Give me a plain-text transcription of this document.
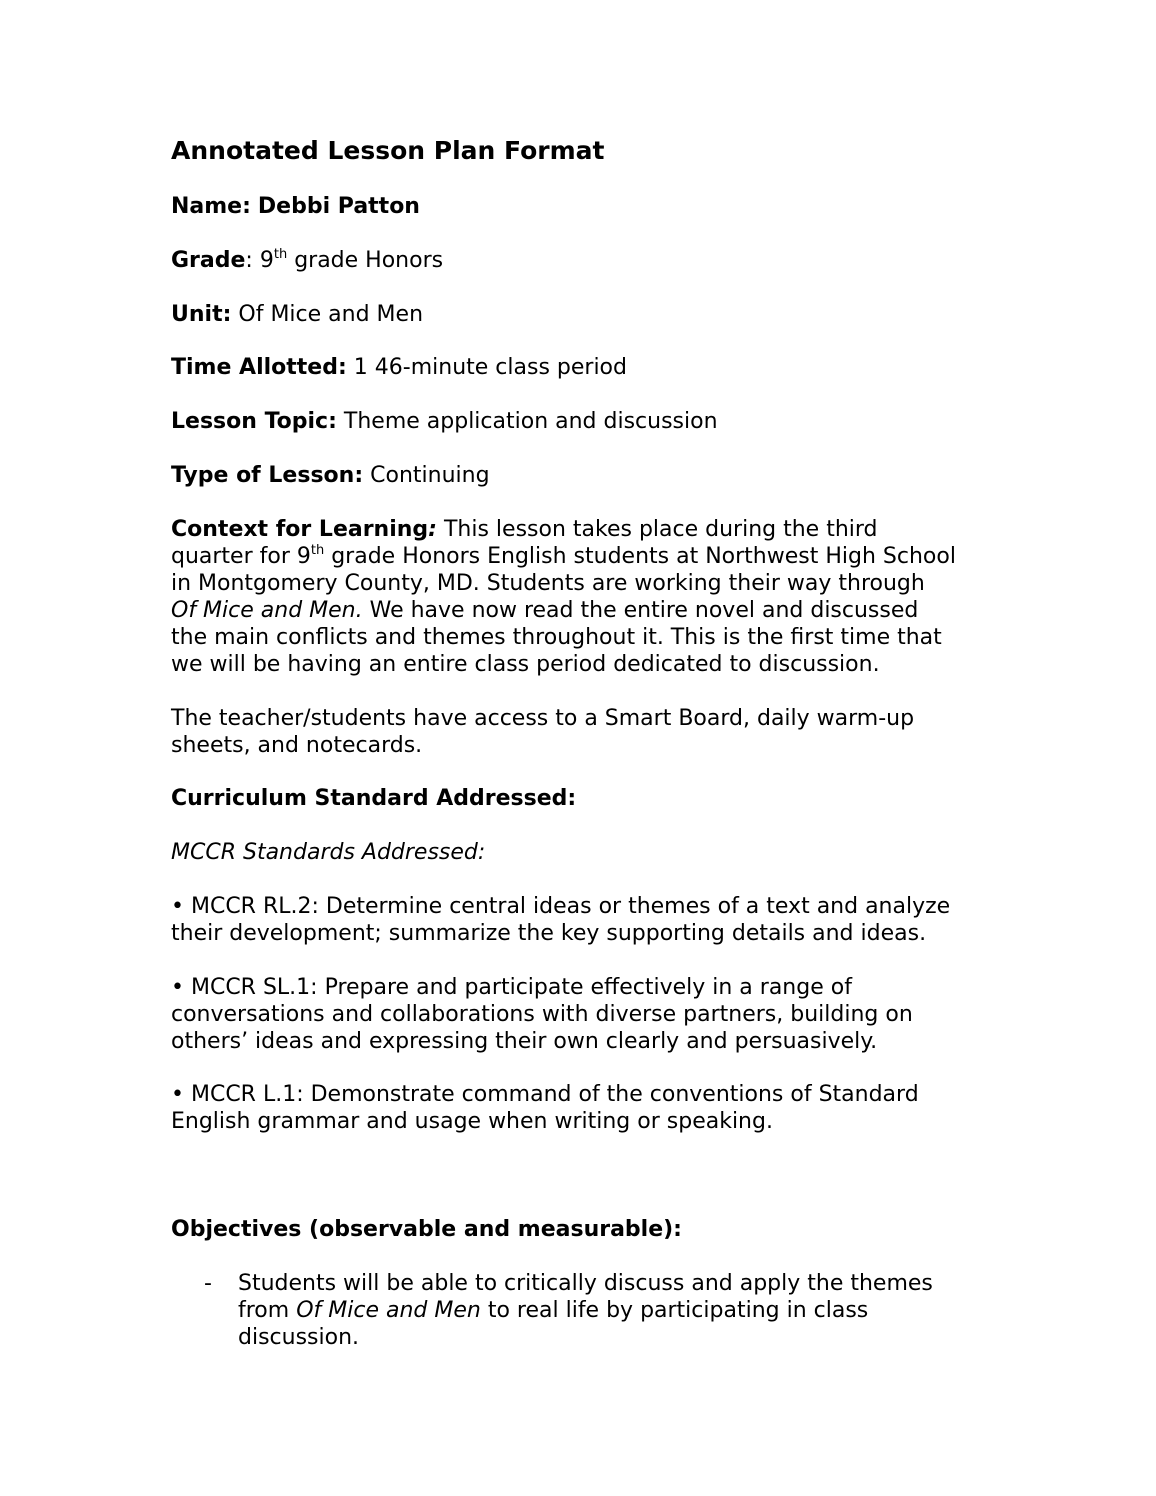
Annotated Lesson Plan Format
Name: Debbi Patton
Grade: 9th grade Honors
Unit: Of Mice and Men
Time Allotted: 1 46-minute class period
Lesson Topic: Theme application and discussion
Type of Lesson: Continuing
Context for Learning: This lesson takes place during the third
quarter for 9th grade Honors English students at Northwest High School
in Montgomery County, MD. Students are working their way through
Of Mice and Men. We have now read the entire novel and discussed
the main conflicts and themes throughout it. This is the first time that
we will be having an entire class period dedicated to discussion.
The teacher/students have access to a Smart Board, daily warm-up
sheets, and notecards.
Curriculum Standard Addressed:
MCCR Standards Addressed:
• MCCR RL.2: Determine central ideas or themes of a text and analyze
their development; summarize the key supporting details and ideas.
• MCCR SL.1: Prepare and participate effectively in a range of
conversations and collaborations with diverse partners, building on
others’ ideas and expressing their own clearly and persuasively.
• MCCR L.1: Demonstrate command of the conventions of Standard
English grammar and usage when writing or speaking.
Objectives (observable and measurable):
- Students will be able to critically discuss and apply the themes
from Of Mice and Men to real life by participating in class
discussion.
